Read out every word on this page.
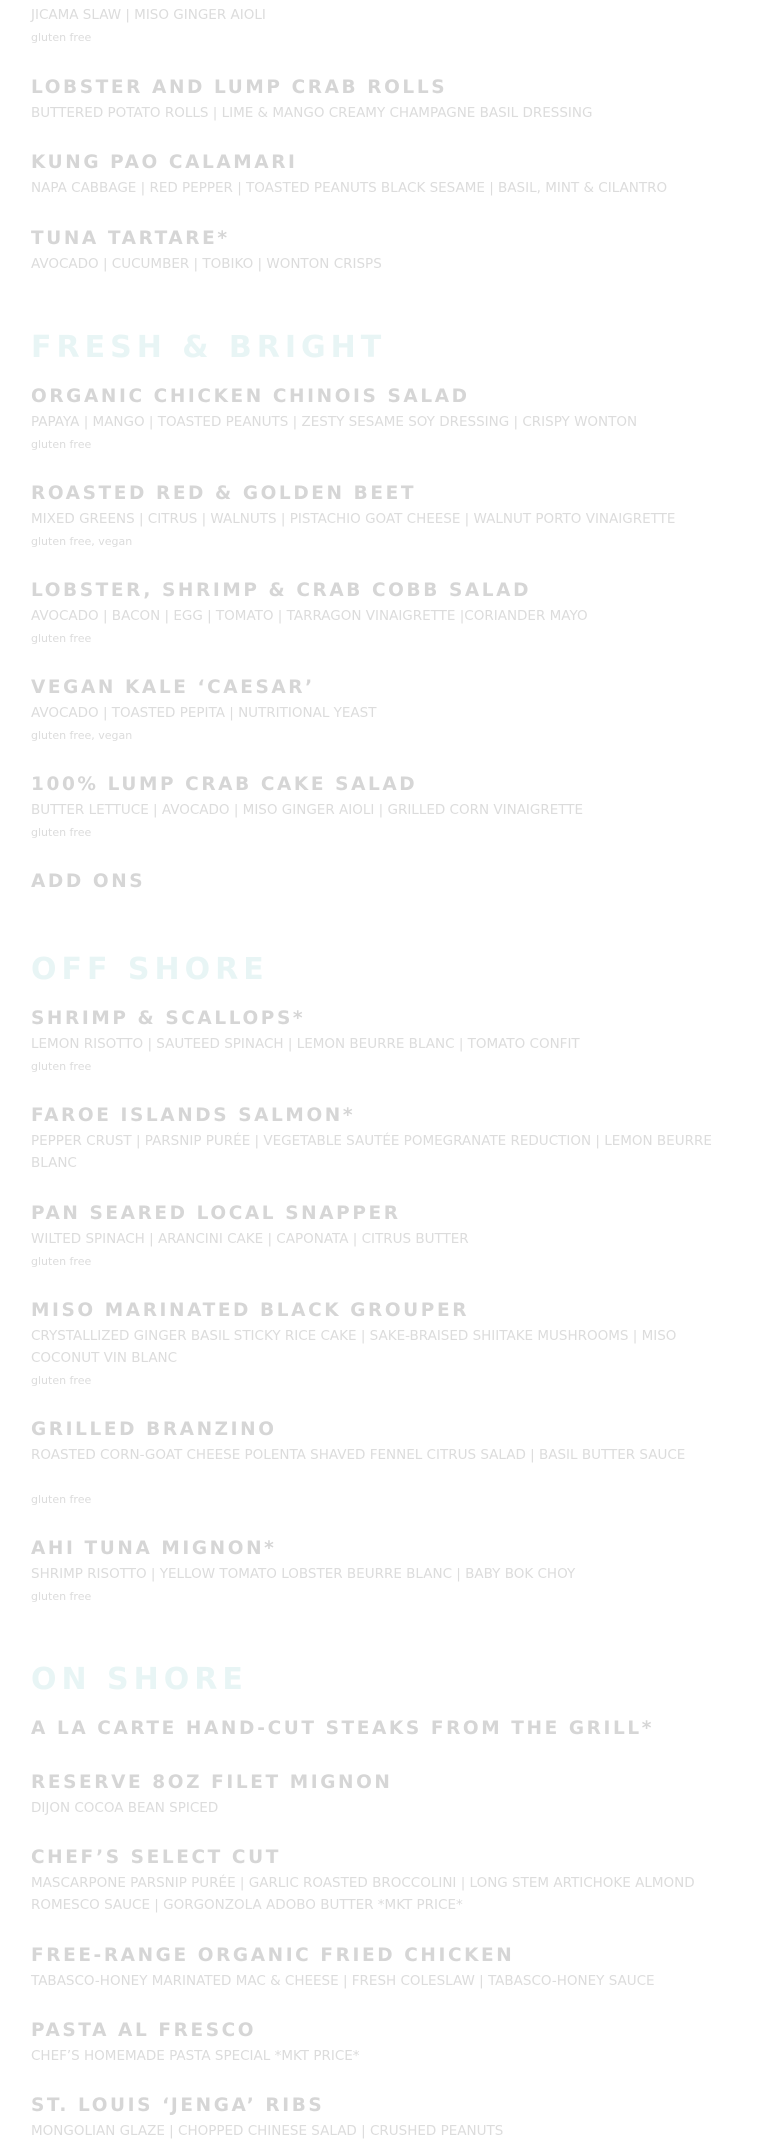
JICAMA SLAW | MISO GINGER AIOLI

gluten free

LOBSTER AND LUMP CRAB ROLLS

BUTTERED POTATO ROLLS | LIME & MANGO CREAMY CHAMPAGNE BASIL DRESSING

KUNG PAO CALAMARI

NAPA CABBAGE | RED PEPPER | TOASTED PEANUTS BLACK SESAME | BASIL, MINT & CILANTRO

TUNA TARTARE*

AVOCADO | CUCUMBER | TOBIKO | WONTON CRISPS

FRESH & BRIGHT
ORGANIC CHICKEN CHINOIS SALAD

PAPAYA | MANGO | TOASTED PEANUTS | ZESTY SESAME SOY DRESSING | CRISPY WONTON

gluten free

ROASTED RED & GOLDEN BEET

MIXED GREENS | CITRUS | WALNUTS | PISTACHIO GOAT CHEESE | WALNUT PORTO VINAIGRETTE

gluten free, vegan

LOBSTER, SHRIMP & CRAB COBB SALAD

AVOCADO | BACON | EGG | TOMATO | TARRAGON VINAIGRETTE |CORIANDER MAYO

gluten free

VEGAN KALE ‘CAESAR’

AVOCADO | TOASTED PEPITA | NUTRITIONAL YEAST

gluten free, vegan

100% LUMP CRAB CAKE SALAD

BUTTER LETTUCE | AVOCADO | MISO GINGER AIOLI | GRILLED CORN VINAIGRETTE

gluten free

ADD ONS
OFF SHORE
SHRIMP & SCALLOPS*

LEMON RISOTTO | SAUTEED SPINACH | LEMON BEURRE BLANC | TOMATO CONFIT

gluten free

FAROE ISLANDS SALMON*

PEPPER CRUST | PARSNIP PURÉE | VEGETABLE SAUTÉE POMEGRANATE REDUCTION | LEMON BEURRE BLANC

PAN SEARED LOCAL SNAPPER

WILTED SPINACH | ARANCINI CAKE | CAPONATA | CITRUS BUTTER

gluten free

MISO MARINATED BLACK GROUPER

CRYSTALLIZED GINGER BASIL STICKY RICE CAKE | SAKE-BRAISED SHIITAKE MUSHROOMS | MISO COCONUT VIN BLANC

gluten free

GRILLED BRANZINO

ROASTED CORN-GOAT CHEESE POLENTA SHAVED FENNEL CITRUS SALAD | BASIL BUTTER SAUCE

gluten free

AHI TUNA MIGNON*

SHRIMP RISOTTO | YELLOW TOMATO LOBSTER BEURRE BLANC | BABY BOK CHOY

gluten free

ON SHORE
A LA CARTE HAND-CUT STEAKS FROM THE GRILL*
RESERVE 8OZ FILET MIGNON

DIJON COCOA BEAN SPICED

CHEF’S SELECT CUT

MASCARPONE PARSNIP PURÉE | GARLIC ROASTED BROCCOLINI | LONG STEM ARTICHOKE ALMOND ROMESCO SAUCE | GORGONZOLA ADOBO BUTTER *MKT PRICE*

FREE-RANGE ORGANIC FRIED CHICKEN

TABASCO-HONEY MARINATED MAC & CHEESE | FRESH COLESLAW | TABASCO-HONEY SAUCE

PASTA AL FRESCO

CHEF’S HOMEMADE PASTA SPECIAL *MKT PRICE*

ST. LOUIS ‘JENGA’ RIBS

MONGOLIAN GLAZE | CHOPPED CHINESE SALAD | CRUSHED PEANUTS
